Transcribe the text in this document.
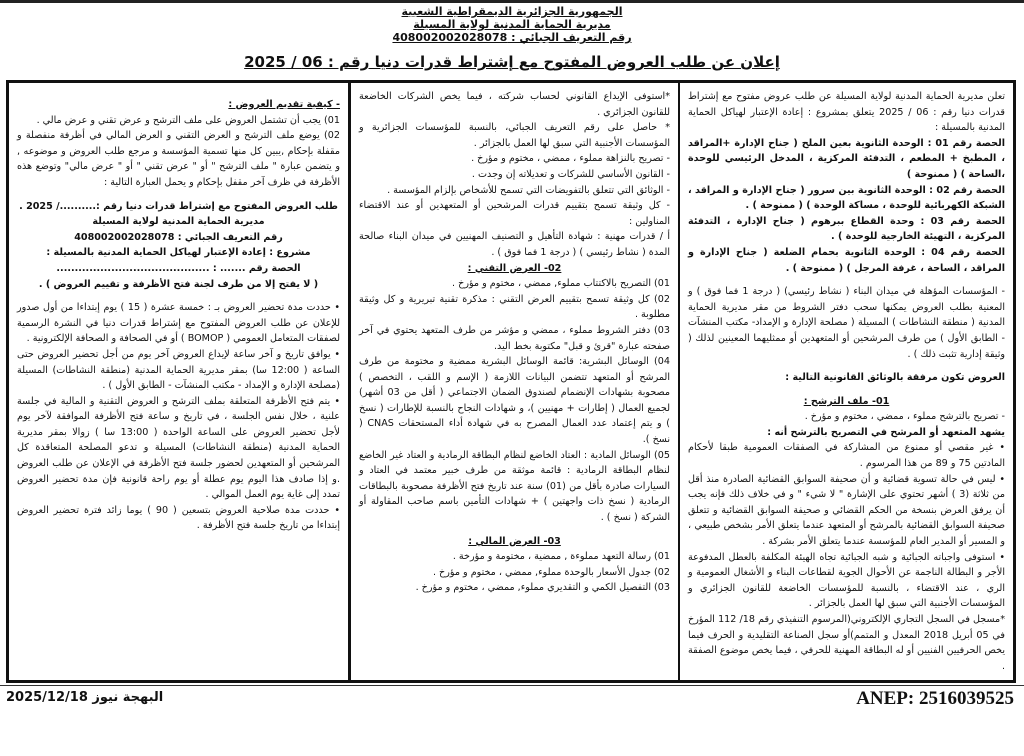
الجمهورية الجزائرية الديمقراطية الشعبية
مديرية الحماية المدنية لولاية المسيلة
رقم التعريف الجبائي : 408002002028078
إعلان عن طلب العروض المفتوح مع إشتراط قدرات دنيا رقم : 06 / 2025

تعلن مديرية الحماية المدنية لولاية المسيلة عن طلب عروض مفتوح مع إشتراط قدرات دنيا رقم : 06 / 2025 يتعلق بمشروع : إعادة الإعتبار لهياكل الحماية المدنية بالمسيلة :

الحصة رقم 01 : الوحدة الثانوية بعين الملح ( جناح الإدارة +المراقد ، المطبخ + المطعم ، التدفئة المركزية ، المدخل الرئيسي للوحدة ،الساحة ) ( ممنوحة )

الحصة رقم 02 : الوحدة الثانوية بين سرور ( جناح الإدارة و المراقد ، الشبكة الكهربائية للوحدة ، مساكة الوحدة ) ( ممنوحة ) .

الحصة رقم 03 : وحدة القطاع ببرهوم ( جناح الإدارة ، التدفئة المركزية ، التهيئة الخارجية للوحدة ) .

الحصة رقم 04 : الوحدة الثانوية بحمام الضلعة ( جناح الإدارة و المراقد ، الساحة ، غرفة المرجل ) ( ممنوحة ) .

- المؤسسات المؤهلة في ميدان البناء ( نشاط رئيسي) ( درجة 1 فما فوق ) و المعنية بطلب العروض يمكنها سحب دفتر الشروط من مقر مديرية الحماية المدنية ( منطقة النشاطات ) المسيلة ( مصلحة الإدارة و الإمداد- مكتب المنشآت - الطابق الأول ) من طرف المرشحين أو المتعهدين أو ممثليهما المعينين لذلك ( وثيقة إدارية تثبت ذلك ) .

العروض تكون مرفقة بالوثائق القانونية التالية :

01- ملف الترشح :

- تصريح بالترشح مملوء ، ممضي ، مختوم و مؤرخ .

يشهد المتعهد أو المرشح في التصريح بالترشح أنه :

• غير مقصي أو ممنوع من المشاركة في الصفقات العمومية طبقا لأحكام المادتين 75 و 89 من هذا المرسوم .

• ليس في حالة تسوية قضائية و أن صحيفة السوابق القضائية الصادرة منذ أقل من ثلاثة (3 ) أشهر تحتوي على الإشارة " لا شيء " و في خلاف ذلك فإنه يجب أن يرفق العرض بنسخة من الحكم القضائي و صحيفة السوابق القضائية و تتعلق صحيفة السوابق القضائية بالمرشح أو المتعهد عندما يتعلق الأمر بشخص طبيعي ، و المسير أو المدير العام للمؤسسة عندما يتعلق الأمر بشركة .

• استوفى واجباته الجبائية و شبه الجبائية تجاه الهيئة المكلفة بالعطل المدفوعة الأجر و البطالة الناجمة عن الأحوال الجوية لقطاعات البناء و الأشغال العمومية و الري ، عند الاقتضاء ، بالنسبة للمؤسسات الخاضعة للقانون الجزائري و المؤسسات الأجنبية التي سبق لها العمل بالجزائر .

*مسجل في السجل التجاري الإلكتروني(المرسوم التنفيذي رقم 18/ 112 المؤرخ في 05 أبريل 2018 المعدل و المتمم)أو سجل الصناعة التقليدية و الحرف فيما يخص الحرفيين الفنيين أو له البطاقة المهنية للحرفي ، فيما يخص موضوع الصفقة .

*استوفى الإيداع القانوني لحساب شركته ، فيما يخص الشركات الخاضعة للقانون الجزائري .

* حاصل على رقم التعريف الجبائي، بالنسبة للمؤسسات الجزائرية و المؤسسات الأجنبية التي سبق لها العمل بالجزائر .

- تصريح بالنزاهة مملوء ، ممضي ، مختوم و مؤرخ .

- القانون الأساسي للشركات و تعديلاته إن وجدت .

- الوثائق التي تتعلق بالتفويضات التي تسمح للأشخاص بإلزام المؤسسة .

- كل وثيقة تسمح بتقييم قدرات المرشحين أو المتعهدين أو عند الاقتضاء المناولين :

أ / قدرات مهنية : شهادة التأهيل و التصنيف المهنيين في ميدان البناء صالحة المدة ( نشاط رئيسي ) ( درجة 1 فما فوق ) .

02- العرض التقني :

01) التصريح بالاكتتاب مملوء, ممضي ، مختوم و مؤرخ .

02) كل وثيقة تسمح بتقييم العرض التقني : مذكرة تقنية تبريرية و كل وثيقة مطلوبة .

03) دفتر الشروط مملوء ، ممضي و مؤشر من طرف المتعهد يحتوي في آخر صفحته عبارة "قرئ و قبل" مكتوبة بخط اليد.

04) الوسائل البشرية: قائمة الوسائل البشرية ممضية و مختومة من طرف المرشح أو المتعهد تتضمن البيانات اللازمة ( الإسم و اللقب ، التخصص ) مصحوبة بشهادات الإنضمام لصندوق الضمان الاجتماعي ( أقل من 03 أشهر) لجميع العمال ( إطارات + مهنيين )، و شهادات النجاح بالنسبة للإطارات ( نسخ ) و يتم إعتماد عدد العمال المصرح به في شهادة أداء المستحقات CNAS ( نسخ ).

05) الوسائل المادية : العتاد الخاضع لنظام البطاقة الرمادية و العتاد غير الخاضع لنظام البطاقة الرمادية : قائمة موثقة من طرف خبير معتمد في العتاد و السيارات صادرة بأقل من (01) سنة عند تاريخ فتح الأظرفة مصحوبة بالبطاقات الرمادية ( نسخ ذات واجهتين ) + شهادات التأمين باسم صاحب المقاولة أو الشركة ( نسخ ) .

03- العرض المالي :

01) رسالة التعهد مملوءة , ممضية ، مختومة و مؤرخة .

02) جدول الأسعار بالوحدة مملوء, ممضي ، مختوم و مؤرخ .

03) التفصيل الكمي و التقديري مملوء, ممضي ، مختوم و مؤرخ .

- كيفية تقديم العروض :

01) يجب أن تشتمل العروض على ملف الترشح و عرض تقني و عرض مالي .

02) يوضع ملف الترشح و العرض التقني و العرض المالي في أظرفة منفصلة و مقفلة بإحكام ,يبين كل منها تسمية المؤسسة و مرجع طلب العروض و موضوعه , و يتضمن عبارة " ملف الترشح " أو " عرض تقني " أو " عرض مالي" وتوضع هذه الأظرفة في ظرف آخر مقفل بإحكام و يحمل العبارة التالية :

طلب العروض المفتوح مع إشتراط قدرات دنيا رقم :........../ 2025 .

مديرية الحماية المدنية لولاية المسيلة

رقم التعريف الجبائي : 408002002028078

مشروع : إعادة الإعتبار لهياكل الحماية المدنية بالمسيلة :

الحصة رقم ....... : ..........................................

( لا يفتح إلا من طرف لجنة فتح الأظرفة و تقييم العروض ) .

• حددت مدة تحضير العروض بـ : خمسة عشرة ( 15 ) يوم إبتداءا من أول صدور للإعلان عن طلب العروض المفتوح مع إشتراط قدرات دنيا في النشرة الرسمية لصفقات المتعامل العمومي ( BOMOP ) أو في الصحافة و الصحافة الإلكترونية .

• يوافق تاريخ و آخر ساعة لإيداع العروض آخر يوم من أجل تحضير العروض حتى الساعة ( 12:00 سا) بمقر مديرية الحماية المدنية (منطقة النشاطات) المسيلة (مصلحة الإدارة و الإمداد - مكتب المنشآت - الطابق الأول ) .

• يتم فتح الأظرفة المتعلقة بملف الترشح و العروض التقنية و المالية في جلسة علنية ، خلال نفس الجلسة ، في تاريخ و ساعة فتح الأظرفة الموافقة لآخر يوم لأجل تحضير العروض على الساعة الواحدة ( 13:00 سا ) زوالا بمقر مديرية الحماية المدنية (منطقة النشاطات) المسيلة و تدعو المصلحة المتعاقدة كل المرشحين أو المتعهدين لحضور جلسة فتح الأظرفة في الإعلان عن طلب العروض .و إذا صادف هذا اليوم يوم عطلة أو يوم راحة قانونية فإن مدة تحضير العروض تمدد إلى غاية يوم العمل الموالي .

• حددت مدة صلاحية العروض بتسعين ( 90 ) يوما زائد فترة تحضير العروض إبتداءا من تاريخ جلسة فتح الأظرفة .

البهجة نيوز 2025/12/18	ANEP: 2516039525
